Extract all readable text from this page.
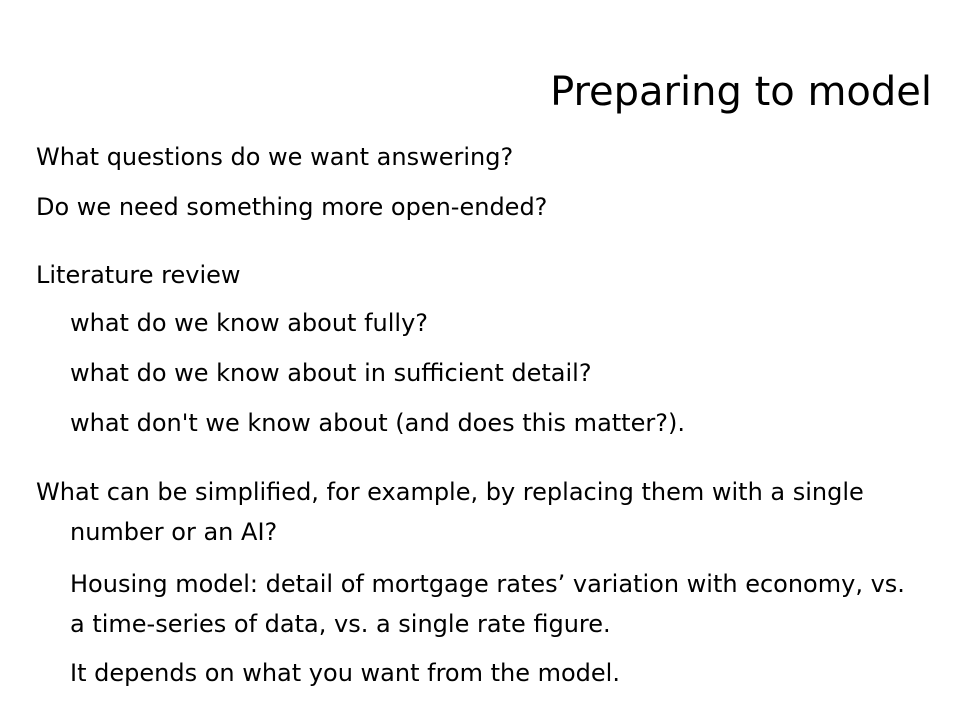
Preparing to model

What questions do we want answering?

Do we need something more open-ended?

Literature review

what do we know about fully?

what do we know about in sufficient detail?

what don't we know about (and does this matter?).

What can be simplified, for example, by replacing them with a single number or an AI?

Housing model: detail of mortgage rates’ variation with economy, vs. a time-series of data, vs. a single rate figure.

It depends on what you want from the model.
